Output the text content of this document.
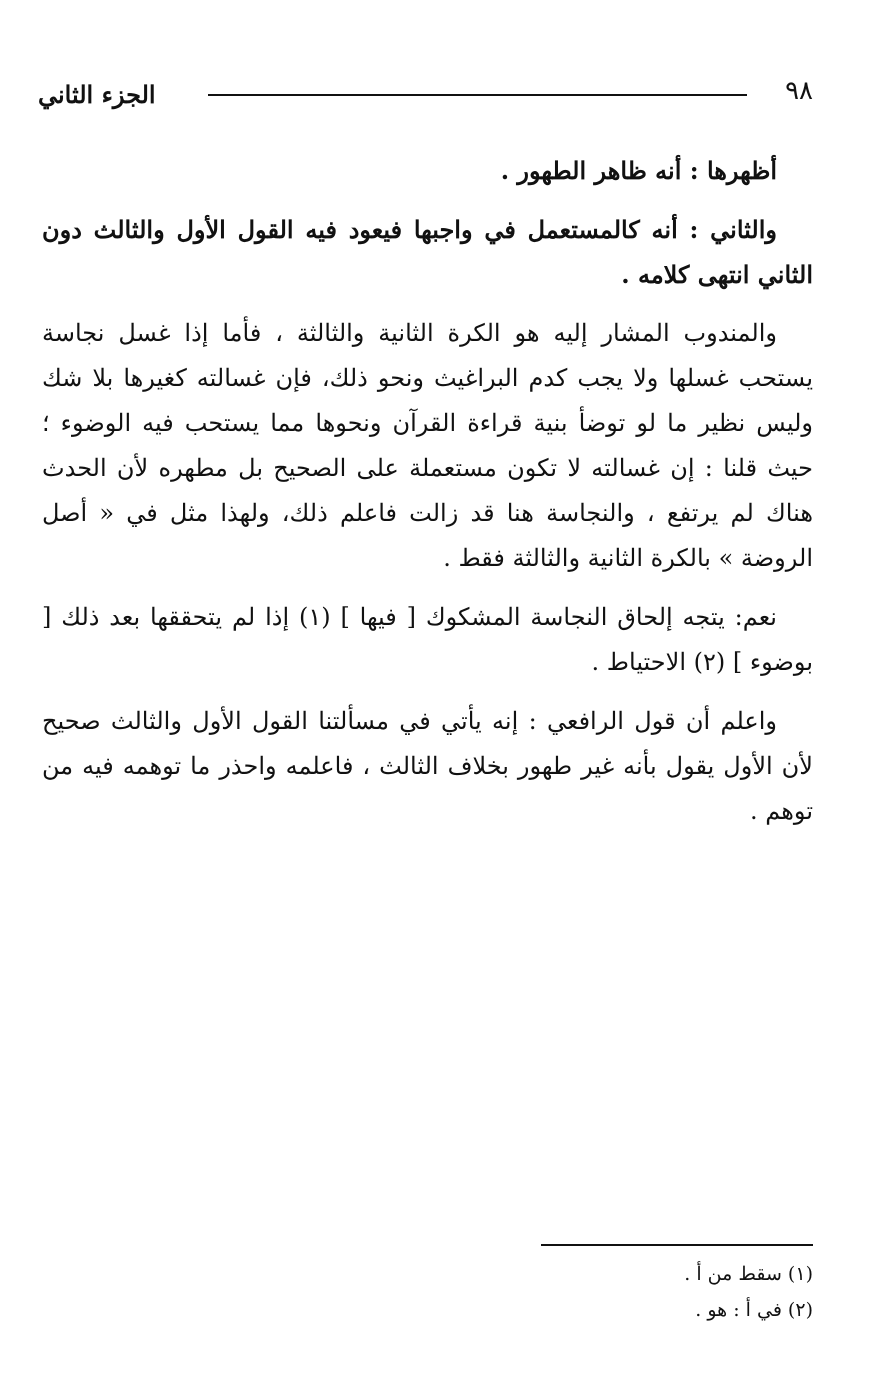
الجزء الثاني	٩٨

أظهرها : أنه ظاهر الطهور .

والثاني : أنه كالمستعمل في واجبها فيعود فيه القول الأول والثالث دون الثاني انتهى كلامه .

والمندوب المشار إليه هو الكرة الثانية والثالثة ، فأما إذا غسل نجاسة يستحب غسلها ولا يجب كدم البراغيث ونحو ذلك، فإن غسالته كغيرها بلا شك وليس نظير ما لو توضأ بنية قراءة القرآن ونحوها مما يستحب فيه الوضوء ؛ حيث قلنا : إن غسالته لا تكون مستعملة على الصحيح بل مطهره لأن الحدث هناك لم يرتفع ، والنجاسة هنا قد زالت فاعلم ذلك، ولهذا مثل في « أصل الروضة » بالكرة الثانية والثالثة فقط .

نعم: يتجه إلحاق النجاسة المشكوك [ فيها ] (١) إذا لم يتحققها بعد ذلك [ بوضوء ] (٢) الاحتياط .

واعلم أن قول الرافعي : إنه يأتي في مسألتنا القول الأول والثالث صحيح لأن الأول يقول بأنه غير طهور بخلاف الثالث ، فاعلمه واحذر ما توهمه فيه من توهم .

(١) سقط من أ .

(٢) في أ : هو .
